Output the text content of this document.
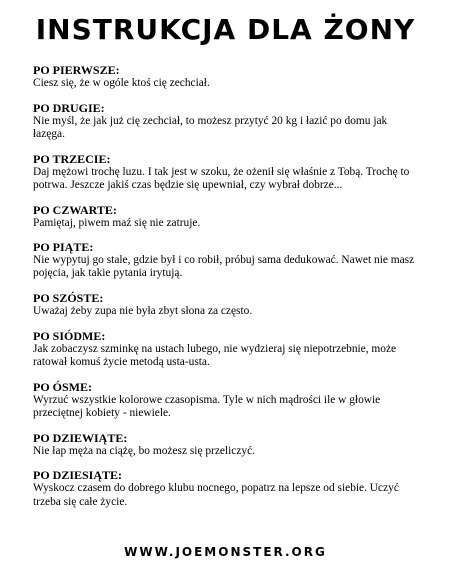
INSTRUKCJA DLA ŻONY
PO PIERWSZE:
Ciesz się, że w ogóle ktoś cię zechciał.
PO DRUGIE:
Nie myśl, że jak już cię zechciał, to możesz przytyć 20 kg i łazić po domu jak łazęga.
PO TRZECIE:
Daj mężowi trochę luzu. I tak jest w szoku, że ożenił się właśnie z Tobą. Trochę to potrwa. Jeszcze jakiś czas będzie się upewniał, czy wybrał dobrze...
PO CZWARTE:
Pamiętaj, piwem maź się nie zatruje.
PO PIĄTE:
Nie wypytuj go stale, gdzie był i co robił, próbuj sama dedukować. Nawet nie masz pojęcia, jak takie pytania irytują.
PO SZÓSTE:
Uważaj żeby zupa nie była zbyt słona za często.
PO SIÓDME:
Jak zobaczysz szminkę na ustach lubego, nie wydzieraj się niepotrzebnie, może ratował komuś życie metodą usta-usta.
PO ÓSME:
Wyrzuć wszystkie kolorowe czasopisma. Tyle w nich mądrości ile w głowie przeciętnej kobiety - niewiele.
PO DZIEWIĄTE:
Nie łap męża na ciążę, bo możesz się przeliczyć.
PO DZIESIĄTE:
Wyskocz czasem do dobrego klubu nocnego, popatrz na lepsze od siebie. Uczyć trzeba się całe życie.
WWW.JOEMONSTER.ORG
